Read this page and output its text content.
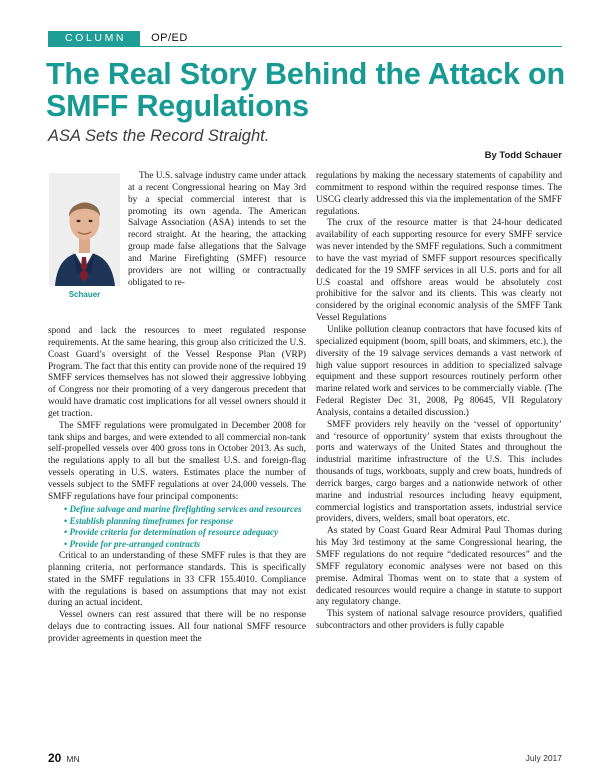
COLUMN	OP/ED
The Real Story Behind the Attack on SMFF Regulations
ASA Sets the Record Straight.
By Todd Schauer
Schauer

The U.S. salvage industry came under attack at a recent Congressional hearing on May 3rd by a special commercial interest that is promoting its own agenda. The American Salvage Association (ASA) intends to set the record straight. At the hearing, the attacking group made false allegations that the Salvage and Marine Firefighting (SMFF) resource providers are not willing or contractually obligated to re-

spond and lack the resources to meet regulated response requirements. At the same hearing, this group also criticized the U.S. Coast Guard’s oversight of the Vessel Response Plan (VRP) Program. The fact that this entity can provide none of the required 19 SMFF services themselves has not slowed their aggressive lobbying of Congress nor their promoting of a very dangerous precedent that would have dramatic cost implications for all vessel owners should it get traction.

The SMFF regulations were promulgated in December 2008 for tank ships and barges, and were extended to all commercial non-tank self-propelled vessels over 400 gross tons in October 2013. As such, the regulations apply to all but the smallest U.S. and foreign-flag vessels operating in U.S. waters. Estimates place the number of vessels subject to the SMFF regulations at over 24,000 vessels. The SMFF regulations have four principal components:

• Define salvage and marine firefighting services and resources
• Establish planning timeframes for response
• Provide criteria for determination of resource adequacy
• Provide for pre-arranged contracts

Critical to an understanding of these SMFF rules is that they are planning criteria, not performance standards. This is specifically stated in the SMFF regulations in 33 CFR 155.4010. Compliance with the regulations is based on assumptions that may not exist during an actual incident.

Vessel owners can rest assured that there will be no response delays due to contracting issues. All four national SMFF resource provider agreements in question meet the

regulations by making the necessary statements of capability and commitment to respond within the required response times. The USCG clearly addressed this via the implementation of the SMFF regulations.

The crux of the resource matter is that 24-hour dedicated availability of each supporting resource for every SMFF service was never intended by the SMFF regulations. Such a commitment to have the vast myriad of SMFF support resources specifically dedicated for the 19 SMFF services in all U.S. ports and for all U.S coastal and offshore areas would be absolutely cost prohibitive for the salvor and its clients. This was clearly not considered by the original economic analysis of the SMFF Tank Vessel Regulations

Unlike pollution cleanup contractors that have focused kits of specialized equipment (boom, spill boats, and skimmers, etc.), the diversity of the 19 salvage services demands a vast network of high value support resources in addition to specialized salvage equipment and these support resources routinely perform other marine related work and services to be commercially viable. (The Federal Register Dec 31, 2008, Pg 80645, VII Regulatory Analysis, contains a detailed discussion.)

SMFF providers rely heavily on the ‘vessel of opportunity’ and ‘resource of opportunity’ system that exists throughout the ports and waterways of the United States and throughout the industrial maritime infrastructure of the U.S. This includes thousands of tugs, workboats, supply and crew boats, hundreds of derrick barges, cargo barges and a nationwide network of other marine and industrial resources including heavy equipment, commercial logistics and transportation assets, industrial service providers, divers, welders, small boat operators, etc.

As stated by Coast Guard Rear Admiral Paul Thomas during his May 3rd testimony at the same Congressional hearing, the SMFF regulations do not require “dedicated resources” and the SMFF regulatory economic analyses were not based on this premise. Admiral Thomas went on to state that a system of dedicated resources would require a change in statute to support any regulatory change.

This system of national salvage resource providers, qualified subcontractors and other providers is fully capable

20 MN	July 2017
